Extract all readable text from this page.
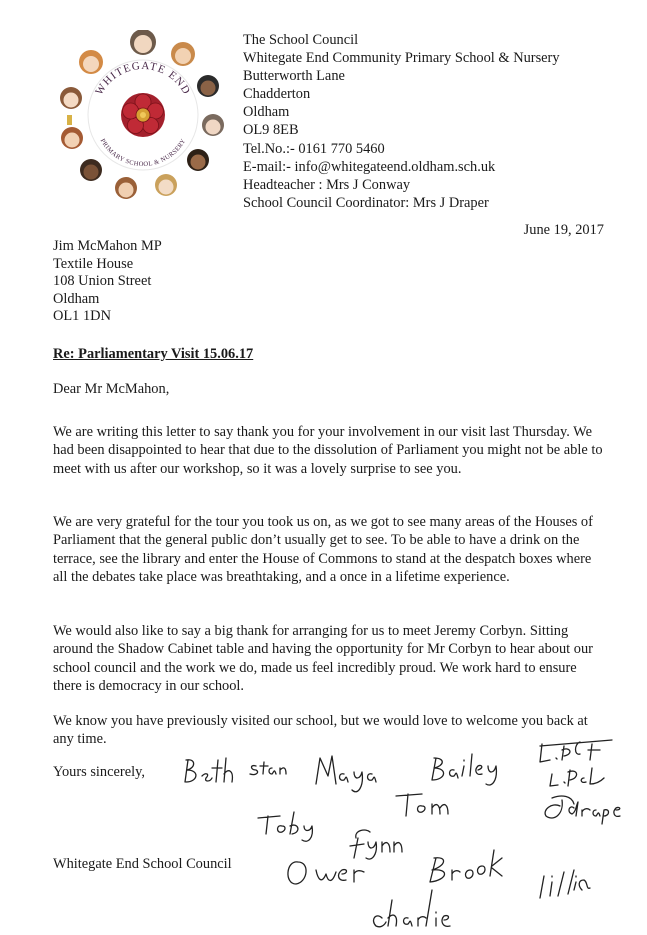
WHITEGATE END
PRIMARY SCHOOL & NURSERY
The School Council
Whitegate End Community Primary School & Nursery
Butterworth Lane
Chadderton
Oldham
OL9 8EB
Tel.No.:- 0161 770 5460
E-mail:- info@whitegateend.oldham.sch.uk
Headteacher : Mrs J Conway
School Council Coordinator: Mrs J Draper
June 19, 2017
Jim McMahon MP
Textile House
108 Union Street
Oldham
OL1 1DN
Re: Parliamentary Visit 15.06.17
Dear Mr McMahon,

We are writing this letter to say thank you for your involvement in our visit last Thursday. We had been disappointed to hear that due to the dissolution of Parliament you might not be able to meet with us after our workshop, so it was a lovely surprise to see you.

We are very grateful for the tour you took us on, as we got to see many areas of the Houses of Parliament that the general public don’t usually get to see. To be able to have a drink on the terrace, see the library and enter the House of Commons to stand at the despatch boxes where all the debates take place was breathtaking, and a once in a lifetime experience.

We would also like to say a big thank for arranging for us to meet Jeremy Corbyn. Sitting around the Shadow Cabinet table and having the opportunity for Mr Corbyn to hear about our school council and the work we do, made us feel incredibly proud. We work hard to ensure there is democracy in our school.

We know you have previously visited our school, but we would love to welcome you back at any time.

Yours sincerely,
Whitegate End School Council
